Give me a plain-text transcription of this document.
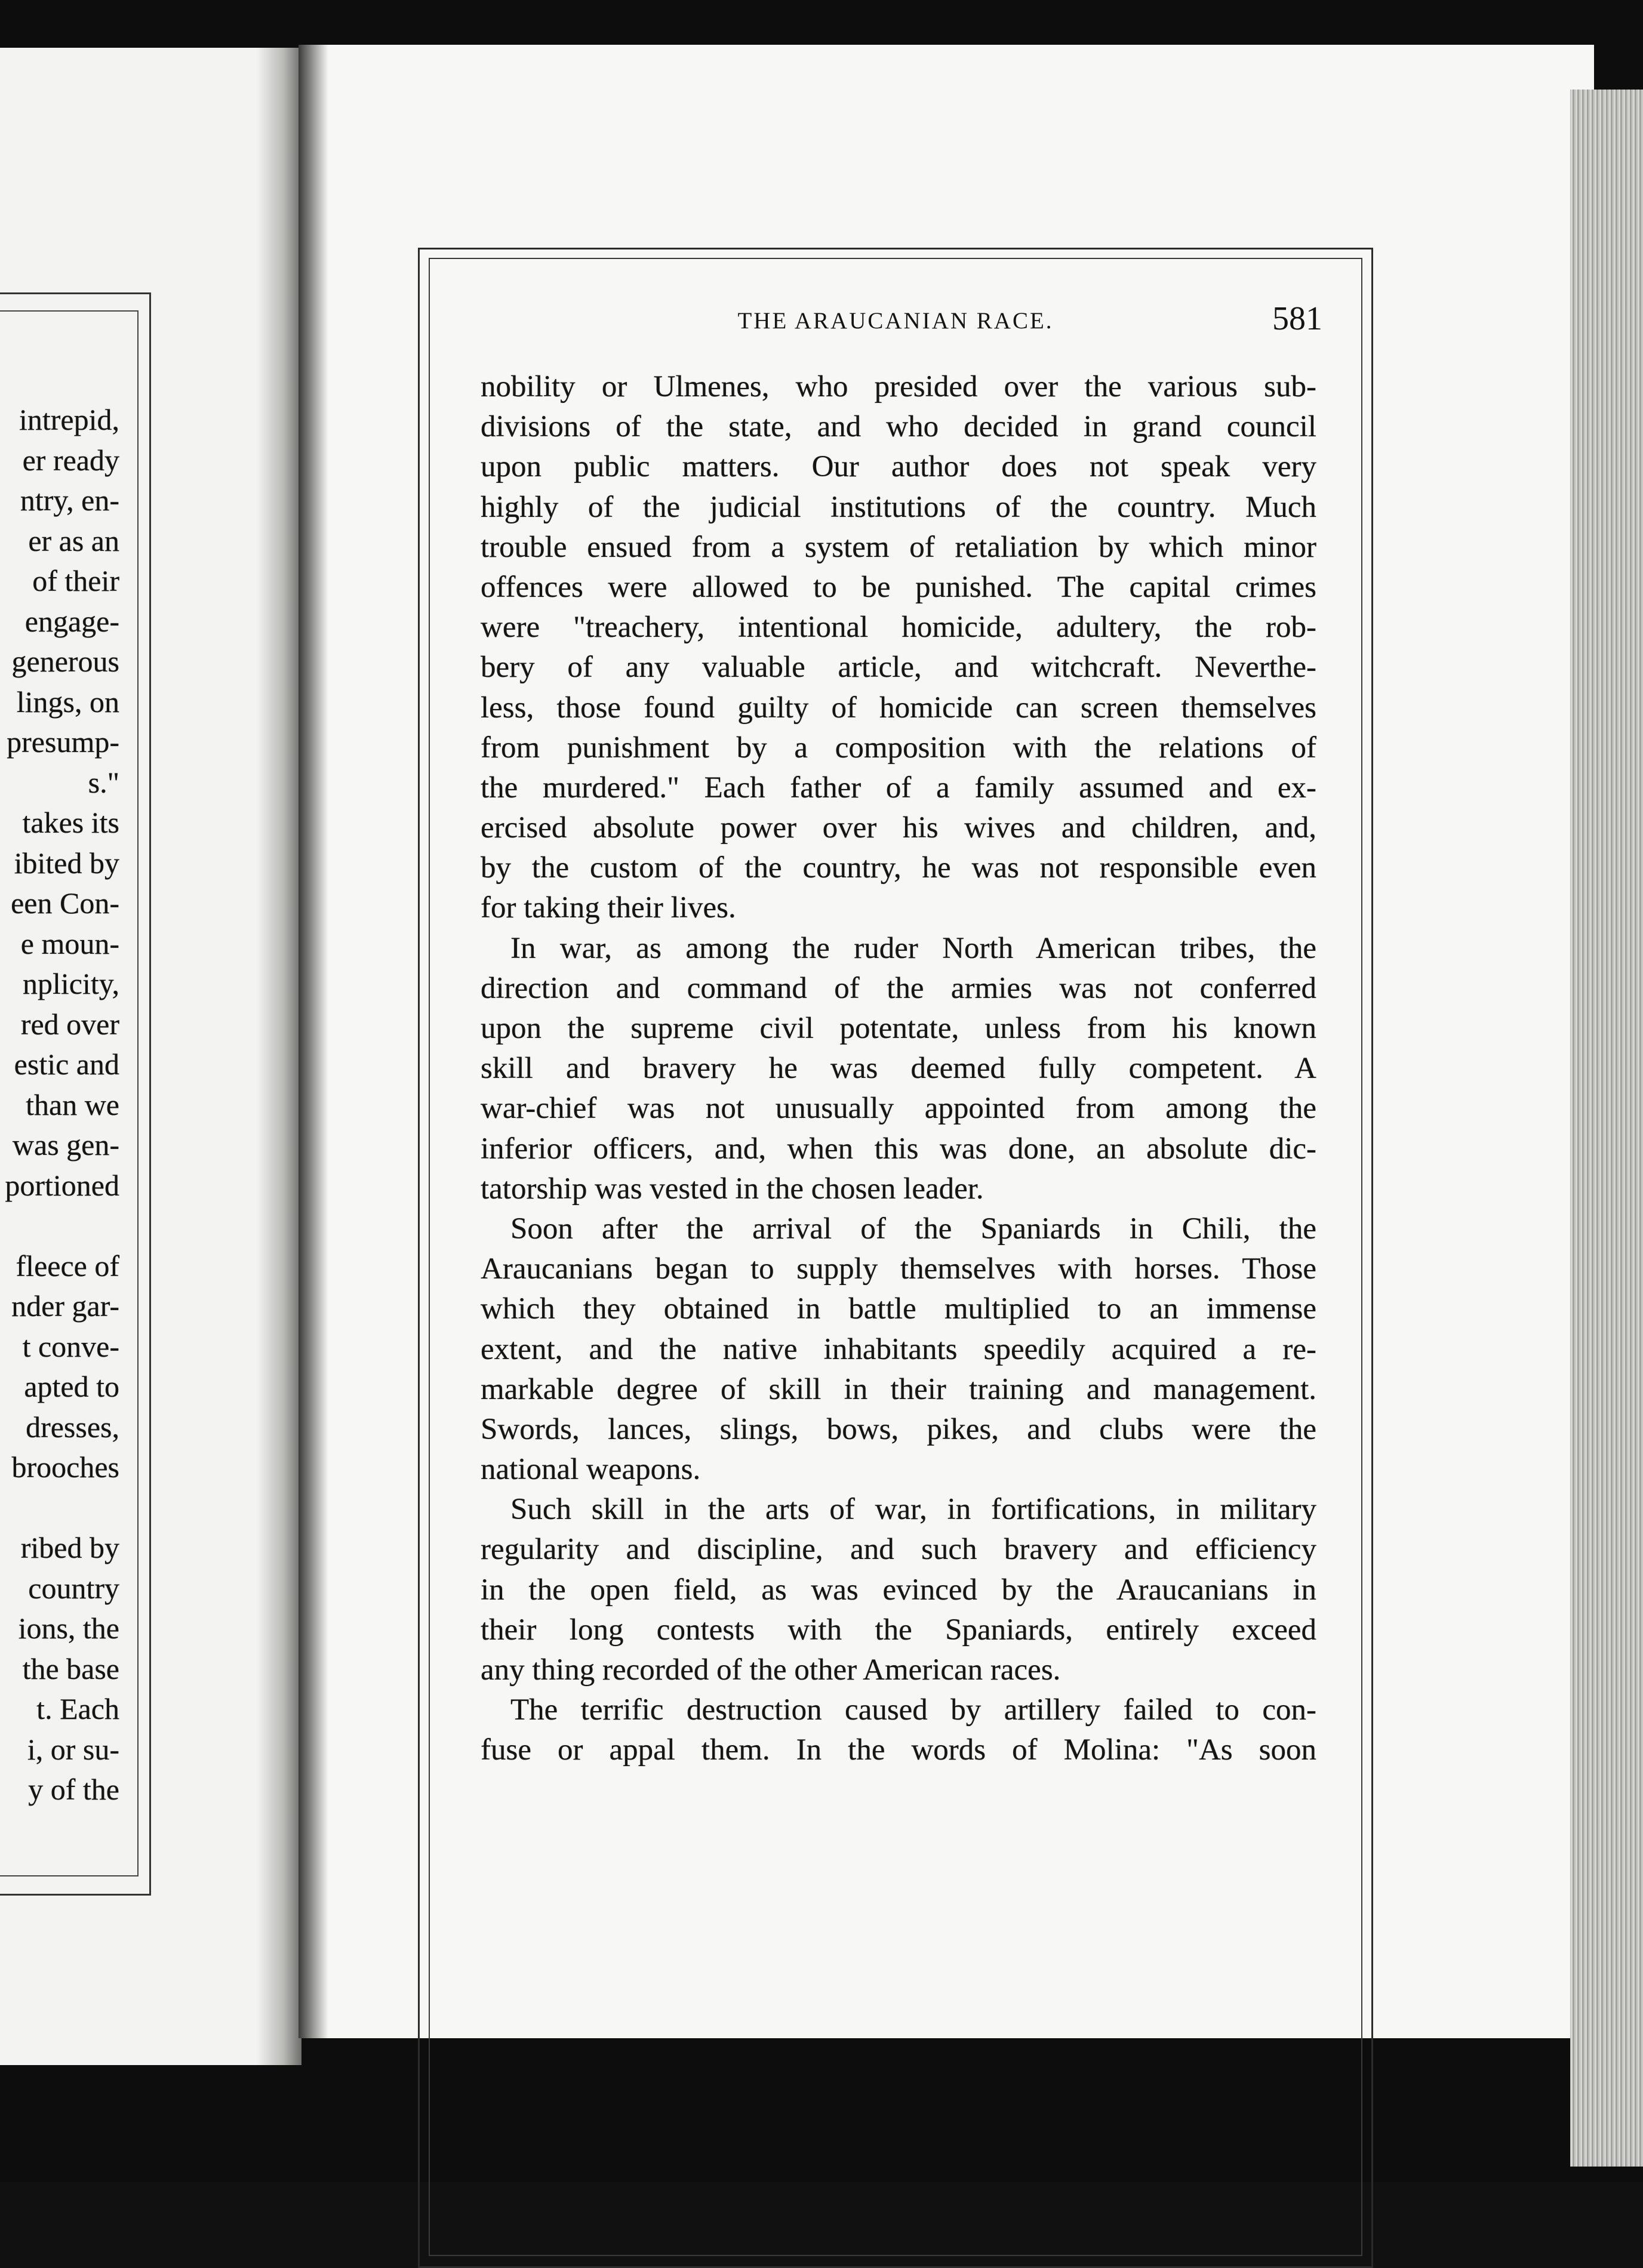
intrepid,
er ready
ntry, en-
er as an
of their
engage-
generous
lings, on
presump-
s."
takes its
ibited by
een Con-
e moun-
nplicity,
red over
estic and
than we
was gen-
portioned
fleece of
nder gar-
t conve-
apted to
dresses,
brooches
ribed by
country
ions, the
the base
t. Each
i, or su-
y of the
THE ARAUCANIAN RACE.	581
nobility or Ulmenes, who presided over the various sub-
divisions of the state, and who decided in grand council
upon public matters. Our author does not speak very
highly of the judicial institutions of the country. Much
trouble ensued from a system of retaliation by which minor
offences were allowed to be punished. The capital crimes
were "treachery, intentional homicide, adultery, the rob-
bery of any valuable article, and witchcraft. Neverthe-
less, those found guilty of homicide can screen themselves
from punishment by a composition with the relations of
the murdered." Each father of a family assumed and ex-
ercised absolute power over his wives and children, and,
by the custom of the country, he was not responsible even
for taking their lives.
In war, as among the ruder North American tribes, the
direction and command of the armies was not conferred
upon the supreme civil potentate, unless from his known
skill and bravery he was deemed fully competent. A
war-chief was not unusually appointed from among the
inferior officers, and, when this was done, an absolute dic-
tatorship was vested in the chosen leader.
Soon after the arrival of the Spaniards in Chili, the
Araucanians began to supply themselves with horses. Those
which they obtained in battle multiplied to an immense
extent, and the native inhabitants speedily acquired a re-
markable degree of skill in their training and management.
Swords, lances, slings, bows, pikes, and clubs were the
national weapons.
Such skill in the arts of war, in fortifications, in military
regularity and discipline, and such bravery and efficiency
in the open field, as was evinced by the Araucanians in
their long contests with the Spaniards, entirely exceed
any thing recorded of the other American races.
The terrific destruction caused by artillery failed to con-
fuse or appal them. In the words of Molina: "As soon
